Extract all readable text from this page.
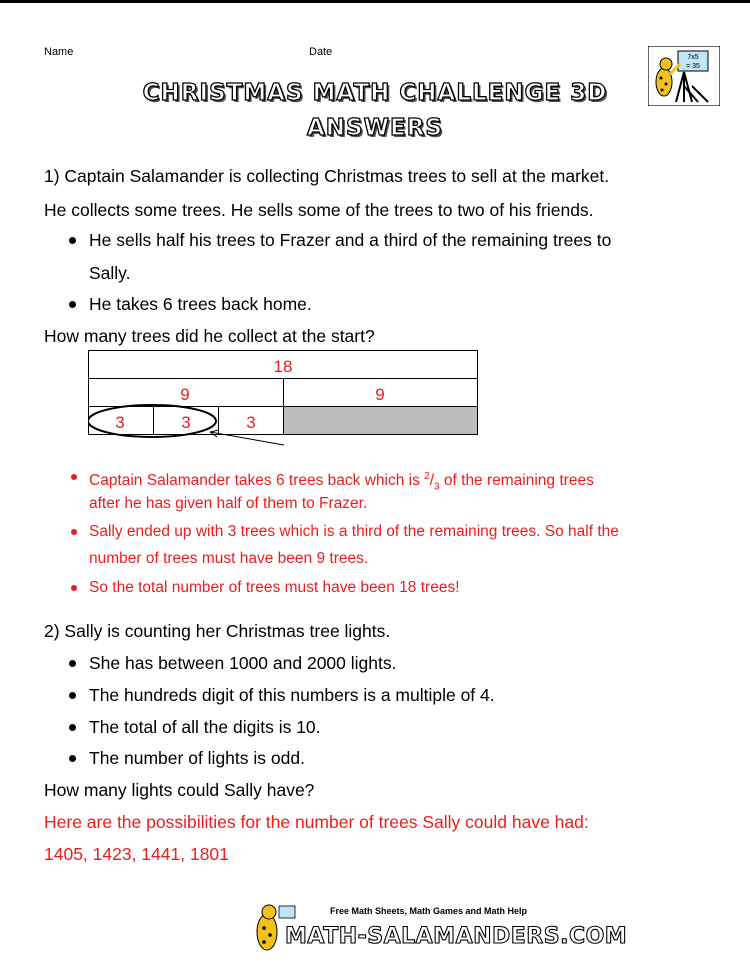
Name	Date
CHRISTMAS MATH CHALLENGE 3D
ANSWERS
7x5
= 35
1) Captain Salamander is collecting Christmas trees to sell at the market.
He collects some trees. He sells some of the trees to two of his friends.
He sells half his trees to Frazer and a third of the remaining trees to
Sally.
He takes 6 trees back home.
How many trees did he collect at the start?
18
9	9
3	3	3
Captain Salamander takes 6 trees back which is $^2/_3$ of the remaining trees
after he has given half of them to Frazer.
Sally ended up with 3 trees which is a third of the remaining trees. So half the
number of trees must have been 9 trees.
So the total number of trees must have been 18 trees!
2) Sally is counting her Christmas tree lights.
She has between 1000 and 2000 lights.
The hundreds digit of this numbers is a multiple of 4.
The total of all the digits is 10.
The number of lights is odd.
How many lights could Sally have?
Here are the possibilities for the number of trees Sally could have had:
1405, 1423, 1441, 1801
Free Math Sheets, Math Games and Math Help
MATH-SALAMANDERS.COM
